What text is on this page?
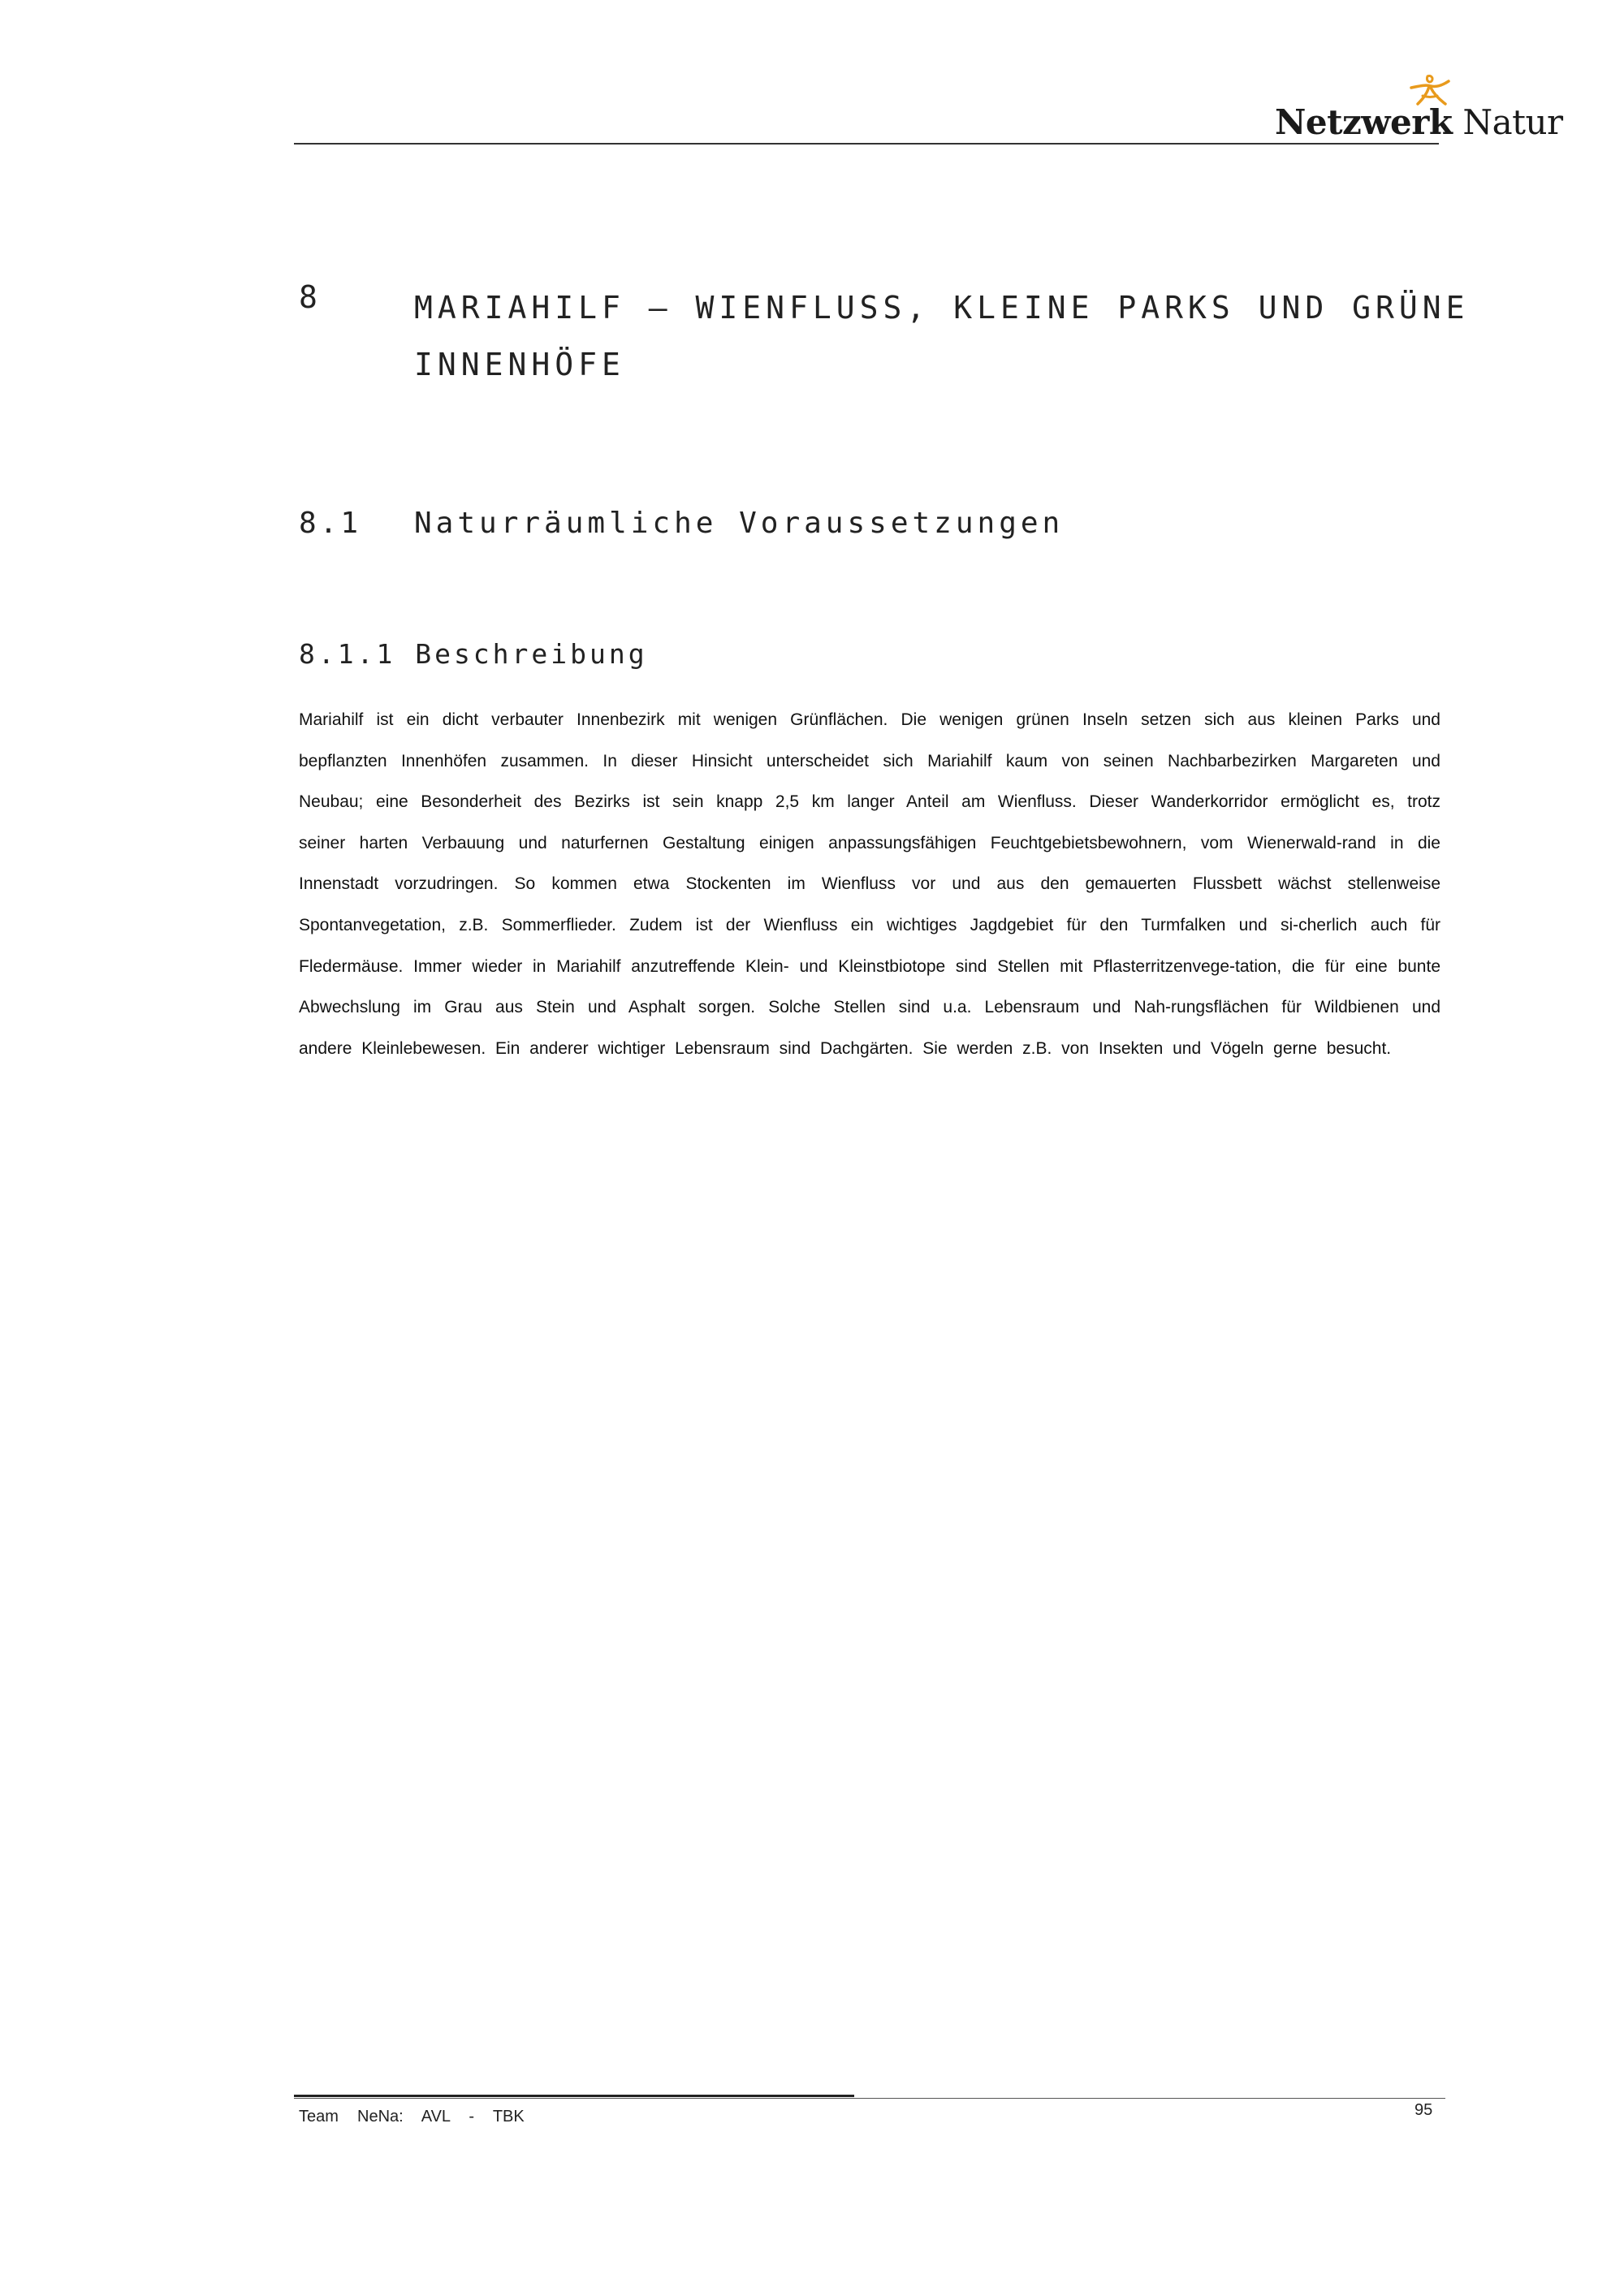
Netzwerk Natur
8	MARIAHILF – WIENFLUSS, KLEINE PARKS UND GRÜNE INNENHÖFE
8.1 Naturräumliche Voraussetzungen
8.1.1 Beschreibung

Mariahilf ist ein dicht verbauter Innenbezirk mit wenigen Grünflächen. Die wenigen grünen Inseln setzen sich aus kleinen Parks und bepflanzten Innenhöfen zusammen. In dieser Hinsicht unterscheidet sich Mariahilf kaum von seinen Nachbarbezirken Margareten und Neubau; eine Besonderheit des Bezirks ist sein knapp 2,5 km langer Anteil am Wienfluss. Dieser Wanderkorridor ermöglicht es, trotz seiner harten Verbauung und naturfernen Gestaltung einigen anpassungsfähigen Feuchtgebietsbewohnern, vom Wienerwald-rand in die Innenstadt vorzudringen. So kommen etwa Stockenten im Wienfluss vor und aus den gemauerten Flussbett wächst stellenweise Spontanvegetation, z.B. Sommerflieder. Zudem ist der Wienfluss ein wichtiges Jagdgebiet für den Turmfalken und si-cherlich auch für Fledermäuse. Immer wieder in Mariahilf anzutreffende Klein- und Kleinstbiotope sind Stellen mit Pflasterritzenvege-tation, die für eine bunte Abwechslung im Grau aus Stein und Asphalt sorgen. Solche Stellen sind u.a. Lebensraum und Nah-rungsflächen für Wildbienen und andere Kleinlebewesen. Ein anderer wichtiger Lebensraum sind Dachgärten. Sie werden z.B. von Insekten und Vögeln gerne besucht.

Team  NeNa:  AVL  -  TBK	95
